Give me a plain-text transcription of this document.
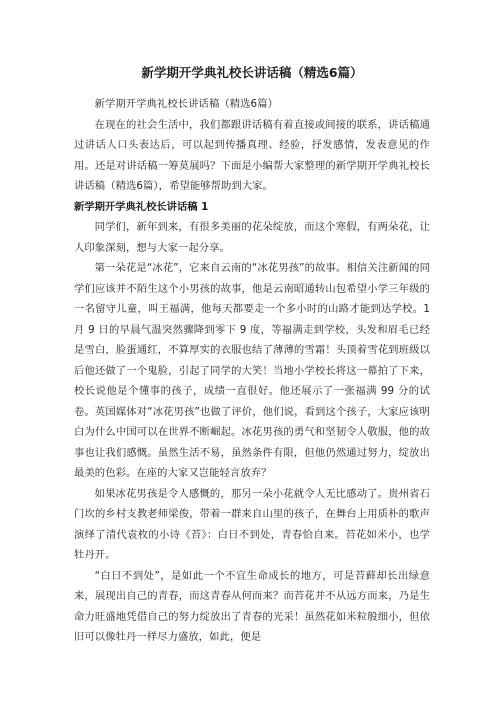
新学期开学典礼校长讲话稿（精选6篇）

新学期开学典礼校长讲话稿（精选6篇）

在现在的社会生活中，我们都跟讲话稿有着直接或间接的联系，讲话稿通过讲话人口头表达后，可以起到传播真理、经验，抒发感情，发表意见的作用。还是对讲话稿一筹莫展吗？下面是小编帮大家整理的新学期开学典礼校长讲话稿（精选6篇），希望能够帮助到大家。

新学期开学典礼校长讲话稿 1

同学们，新年到来，有很多美丽的花朵绽放，而这个寒假，有两朵花，让人印象深刻，想与大家一起分享。

第一朵花是“冰花”，它来自云南的“冰花男孩”的故事。相信关注新闻的同学们应该并不陌生这个小男孩的故事，他是云南昭通转山包希望小学三年级的一名留守儿童，叫王福满，他每天都要走一个多小时的山路才能到达学校。1 月 9 日的早晨气温突然骤降到零下 9 度，等福满走到学校，头发和眉毛已经是雪白，脸蛋通红，不算厚实的衣服也结了薄薄的雪霜！头顶着雪花到班级以后他还做了一个鬼脸，引起了同学的大笑！当地小学校长将这一幕拍了下来，校长说他是个懂事的孩子，成绩一直很好。他还展示了一张福满 99 分的试卷。英国媒体对“冰花男孩”也做了评价，他们说，看到这个孩子，大家应该明白为什么中国可以在世界不断崛起。冰花男孩的勇气和坚韧令人敬服，他的故事也让我们感慨。虽然生活不易，虽然条件有限，但他仍然通过努力，绽放出最美的色彩。在座的大家又岂能轻言放弃？

如果冰花男孩是令人感慨的，那另一朵小花就令人无比感动了。贵州省石门坎的乡村支教老师梁俊，带着一群来自山里的孩子，在舞台上用质朴的歌声演绎了清代袁枚的小诗《苔》：白日不到处，青春恰自来。苔花如米小，也学牡丹开。

“白日不到处”，是如此一个不宜生命成长的地方，可是苔藓却长出绿意来，展现出自己的青春，而这青春从何而来？而苔花并不从远方而来，乃是生命力旺盛地凭借自己的努力绽放出了青春的光采！虽然花如米粒般细小，但依旧可以像牡丹一样尽力盛放，如此，便是
